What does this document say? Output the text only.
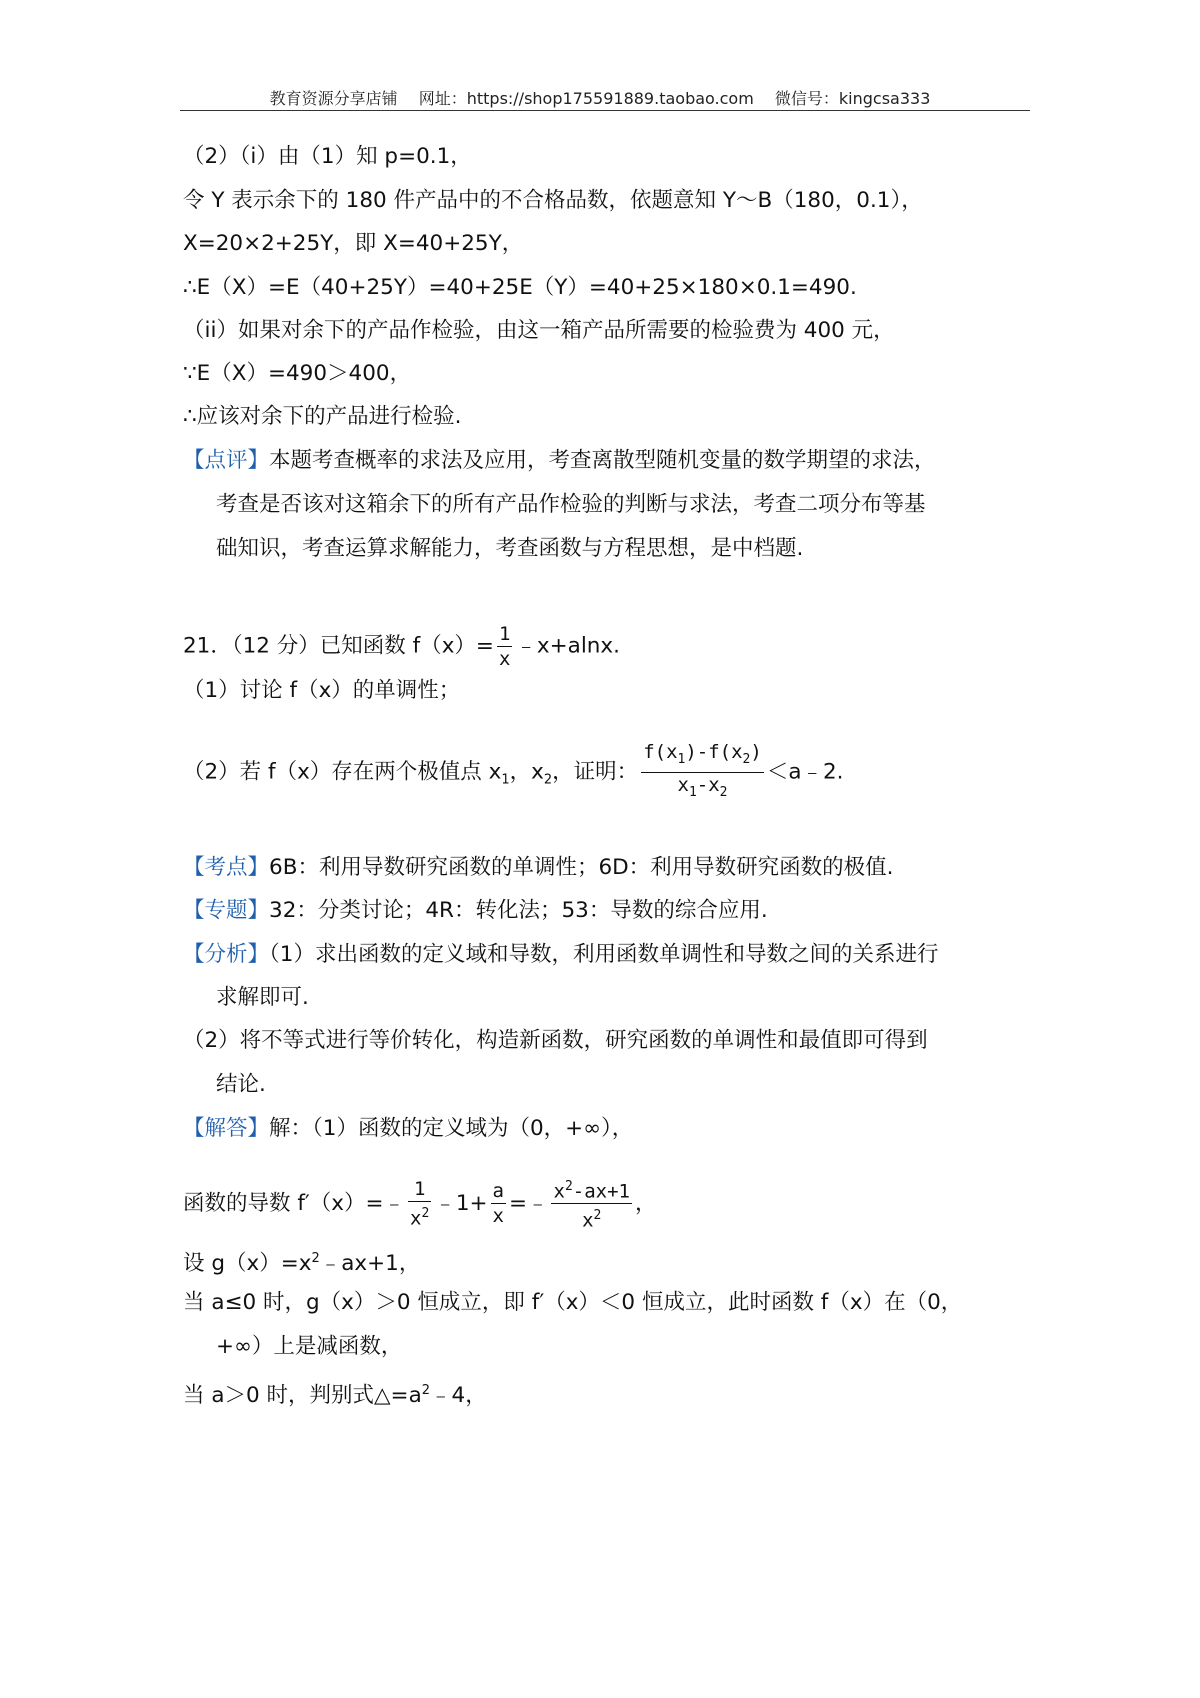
教育资源分享店铺 网址：https://shop175591889.taobao.com 微信号：kingcsa333
（2）（i）由（1）知 p=0.1，
令 Y 表示余下的 180 件产品中的不合格品数，依题意知 Y～B（180，0.1），
X=20×2+25Y，即 X=40+25Y，
∴E（X）=E（40+25Y）=40+25E（Y）=40+25×180×0.1=490.
（ii）如果对余下的产品作检验，由这一箱产品所需要的检验费为 400 元，
∵E（X）=490＞400，
∴应该对余下的产品进行检验.
【点评】本题考查概率的求法及应用，考查离散型随机变量的数学期望的求法，
考查是否该对这箱余下的所有产品作检验的判断与求法，考查二项分布等基
础知识，考查运算求解能力，考查函数与方程思想，是中档题.
21．（12 分）已知函数 $f(x)= \frac{1}{x}$ ﹣x+alnx.
（1）讨论 f（x）的单调性；
（2）若 f（x）存在两个极值点 $x_1$，$x_2$，证明： $\frac{f(x_1)-f(x_2)}{x_1-x_2}$ ＜a﹣2.
【考点】6B：利用导数研究函数的单调性；6D：利用导数研究函数的极值.
【专题】32：分类讨论；4R：转化法；53：导数的综合应用.
【分析】（1）求出函数的定义域和导数，利用函数单调性和导数之间的关系进行
求解即可.
（2）将不等式进行等价转化，构造新函数，研究函数的单调性和最值即可得到
结论.
【解答】解：（1）函数的定义域为（0，+∞），
函数的导数 f′（x）=﹣ $\frac{1}{x^2}$ ﹣1+ $\frac{a}{x}$ =﹣ $\frac{x^2-ax+1}{x^2}$ ，
设 $g(x)=x^2﹣ax+1$，
当 a≤0 时，g（x）＞0 恒成立，即 f′（x）＜0 恒成立，此时函数 f（x）在（0，
+∞）上是减函数，
当 a＞0 时，判别式$\triangle=a^2﹣4$，
